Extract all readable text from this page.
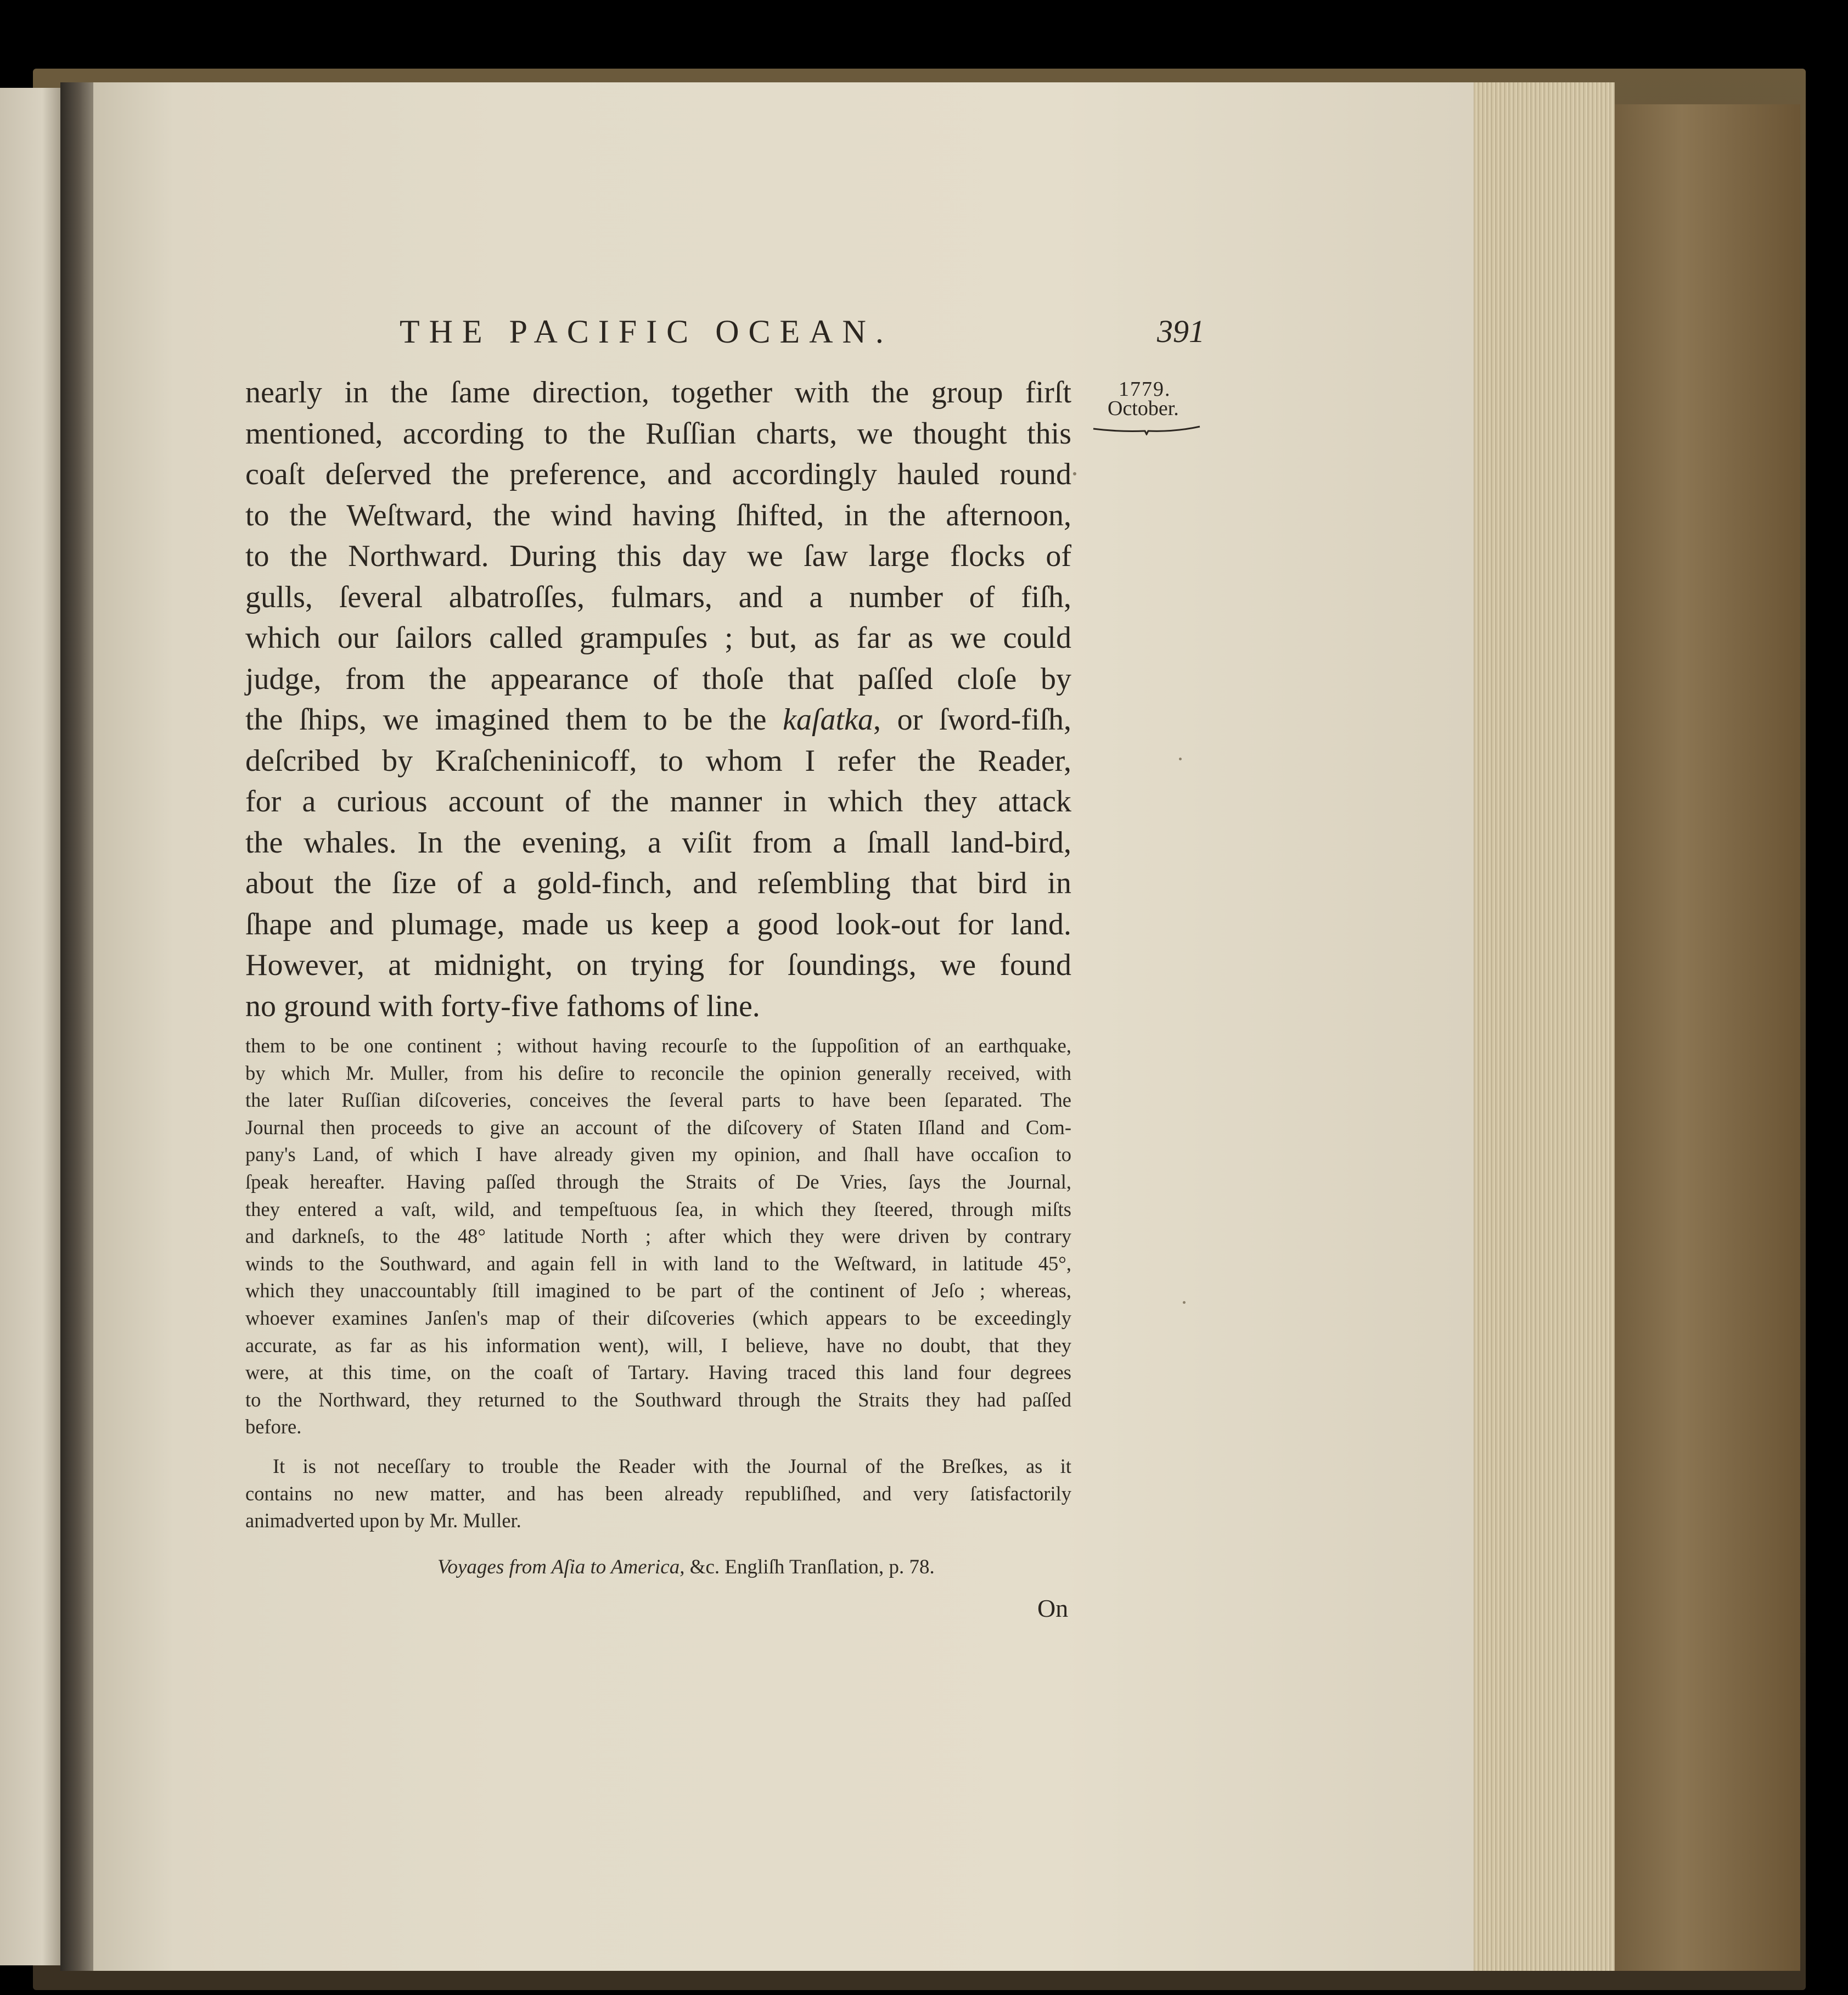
THE PACIFIC OCEAN.	391
1779.
October.
nearly in the ſame direction, together with the group firſt
mentioned, according to the Ruſſian charts, we thought this
coaſt deſerved the preference, and accordingly hauled round
to the Weſtward, the wind having ſhifted, in the afternoon,
to the Northward. During this day we ſaw large flocks of
gulls, ſeveral albatroſſes, fulmars, and a number of fiſh,
which our ſailors called grampuſes ; but, as far as we could
judge, from the appearance of thoſe that paſſed cloſe by
the ſhips, we imagined them to be the kaſatka, or ſword-fiſh,
deſcribed by Kraſcheninicoff, to whom I refer the Reader,
for a curious account of the manner in which they attack
the whales. In the evening, a viſit from a ſmall land-bird,
about the ſize of a gold-finch, and reſembling that bird in
ſhape and plumage, made us keep a good look-out for land.
However, at midnight, on trying for ſoundings, we found
no ground with forty-five fathoms of line.
them to be one continent ; without having recourſe to the ſuppoſition of an earthquake,
by which Mr. Muller, from his deſire to reconcile the opinion generally received, with
the later Ruſſian diſcoveries, conceives the ſeveral parts to have been ſeparated. The
Journal then proceeds to give an account of the diſcovery of Staten Iſland and Com-
pany's Land, of which I have already given my opinion, and ſhall have occaſion to
ſpeak hereafter. Having paſſed through the Straits of De Vries, ſays the Journal,
they entered a vaſt, wild, and tempeſtuous ſea, in which they ſteered, through miſts
and darkneſs, to the 48° latitude North ; after which they were driven by contrary
winds to the Southward, and again fell in with land to the Weſtward, in latitude 45°,
which they unaccountably ſtill imagined to be part of the continent of Jeſo ; whereas,
whoever examines Janſen's map of their diſcoveries (which appears to be exceedingly
accurate, as far as his information went), will, I believe, have no doubt, that they
were, at this time, on the coaſt of Tartary. Having traced this land four degrees
to the Northward, they returned to the Southward through the Straits they had paſſed
before.
It is not neceſſary to trouble the Reader with the Journal of the Breſkes, as it
contains no new matter, and has been already republiſhed, and very ſatisfactorily
animadverted upon by Mr. Muller.
Voyages from Aſia to America, &c. Engliſh Tranſlation, p. 78.
On
